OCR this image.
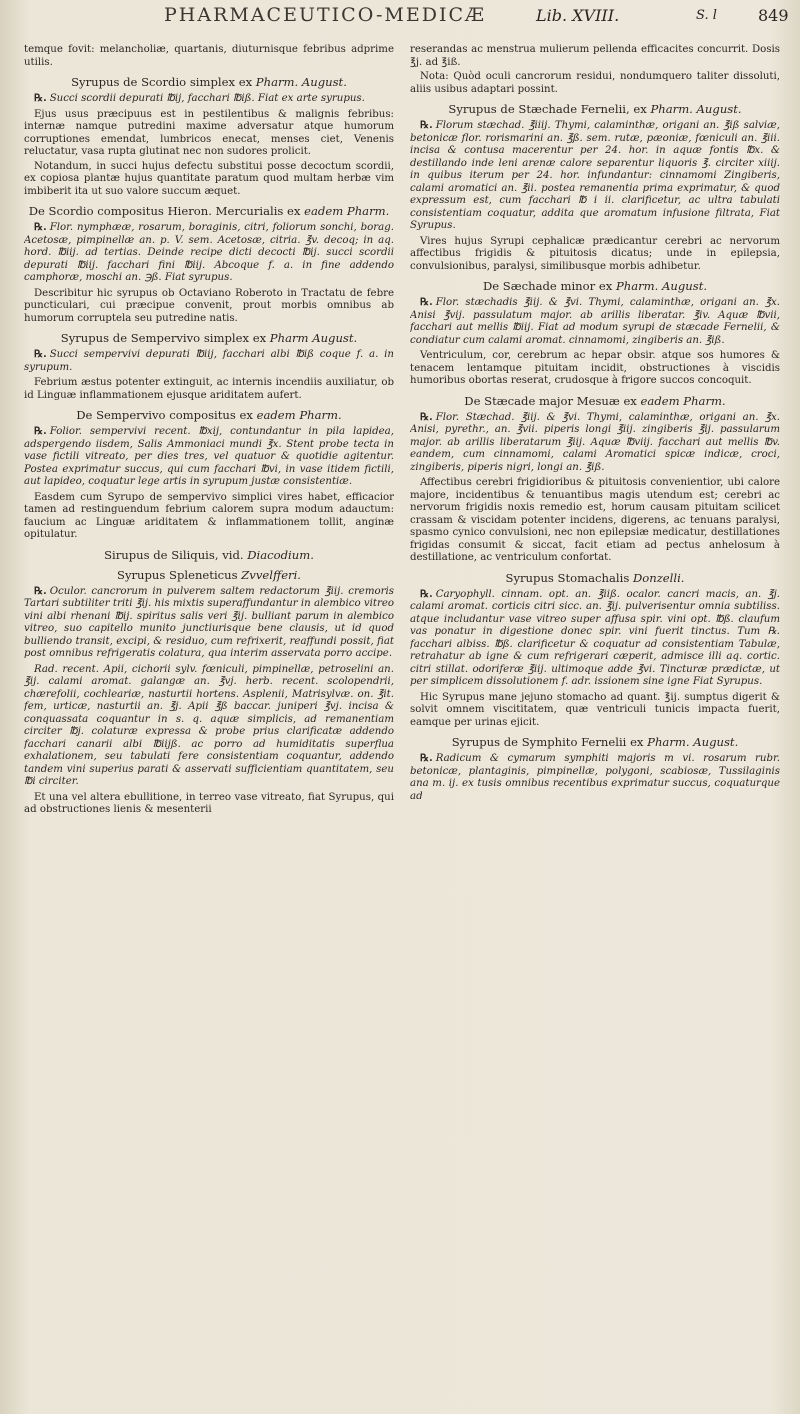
PHARMACEUTICO-MEDICÆ	Lib. XVIII.	S. l	849

temque fovit: melancholiæ, quartanis, diuturnisque febribus adprime utilis.

Syrupus de Scordio simplex ex Pharm. August.

℞. Succi scordii depurati ℔ij, facchari ℔iß. Fiat ex arte syrupus.

Ejus usus præcipuus est in pestilentibus & malignis febribus: internæ namque putredini maxime adversatur atque humorum corruptiones emendat, lumbricos enecat, menses ciet, Venenis reluctatur, vasa rupta glutinat nec non sudores prolicit.

Notandum, in succi hujus defectu substitui posse decoctum scordii, ex copiosa plantæ hujus quantitate paratum quod multam herbæ vim imbiberit ita ut suo valore succum æquet.

De Scordio compositus Hieron. Mercurialis ex eadem Pharm.

℞. Flor. nymphææ, rosarum, boraginis, citri, foliorum sonchi, borag. Acetosæ, pimpinellæ an. p. V. sem. Acetosæ, citria. ℥v. decoq; in aq. hord. ℔iij. ad tertias. Deinde recipe dicti decocti ℔ij. succi scordii depurati ℔iij. facchari fini ℔iij. Abcoque f. a. in fine addendo camphoræ, moschi an. ℈ß. Fiat syrupus.

Describitur hic syrupus ob Octaviano Roberoto in Tractatu de febre puncticulari, cui præcipue convenit, prout morbis omnibus ab humorum corruptela seu putredine natis.

Syrupus de Sempervivo simplex ex Pharm August.

℞. Succi sempervivi depurati ℔iij, facchari albi ℔iß coque f. a. in syrupum.

Febrium æstus potenter extinguit, ac internis incendiis auxiliatur, ob id Linguæ inflammationem ejusque ariditatem aufert.

De Sempervivo compositus ex eadem Pharm.

℞. Folior. sempervivi recent. ℔xij, contundantur in pila lapidea, adspergendo iisdem, Salis Ammoniaci mundi ℥x. Stent probe tecta in vase fictili vitreato, per dies tres, vel quatuor & quotidie agitentur. Postea exprimatur succus, qui cum facchari ℔vi, in vase itidem fictili, aut lapideo, coquatur lege artis in syrupum justæ consistentiæ.

Easdem cum Syrupo de sempervivo simplici vires habet, efficacior tamen ad restinguendum febrium calorem supra modum adauctum: faucium ac Linguæ ariditatem & inflammationem tollit, anginæ opitulatur.

Sirupus de Siliquis, vid. Diacodium.
Syrupus Spleneticus Zvvelfferi.

℞. Oculor. cancrorum in pulverem saltem redactorum ℥iij. cremoris Tartari subtiliter triti ℥ij. his mixtis superaffundantur in alembico vitreo vini albi rhenani ℔ij. spiritus salis veri ℥ij. bulliant parum in alembico vitreo, suo capitello munito junctiurisque bene clausis, ut id quod bulliendo transit, excipi, & residuo, cum refrixerit, reaffundi possit, fiat post omnibus refrigeratis colatura, qua interim asservata porro accipe.

Rad. recent. Apii, cichorii sylv. fœniculi, pimpinellæ, petroselini an. ℥ij. calami aromat. galangæ an. ℥vj. herb. recent. scolopendrii, chærefolii, cochleariæ, nasturtii hortens. Asplenii, Matrisylvæ. on. ℥it. fem, urticæ, nasturtii an. ℥j. Apii ℥ß baccar. juniperi ℥vj. incisa & conquassata coquantur in s. q. aquæ simplicis, ad remanentiam circiter ℔j. colaturæ expressa & probe prius clarificatæ addendo facchari canarii albi ℔iijß. ac porro ad humiditatis superflua exhalationem, seu tabulati fere consistentiam coquantur, addendo tandem vini superius parati & asservati sufficientiam quantitatem, seu ℔i circiter.

Et una vel altera ebullitione, in terreo vase vitreato, fiat Syrupus, qui ad obstructiones lienis & mesenterii

reserandas ac menstrua mulierum pellenda efficacites concurrit. Dosis ℥j. ad ℥iß.

Nota: Quòd oculi cancrorum residui, nondumquero taliter dissoluti, aliis usibus adaptari possint.

Syrupus de Stæchade Fernelii, ex Pharm. August.

℞. Florum stæchad. ℥iiij. Thymi, calaminthæ, origani an. ℥iß salviæ, betonicæ flor. rorismarini an. ℥ß. sem. rutæ, pæoniæ, fœniculi an. ℥iii. incisa & contusa macerentur per 24. hor. in aquæ fontis ℔x. & destillando inde leni arenæ calore separentur liquoris ℥. circiter xiiij. in quibus iterum per 24. hor. infundantur: cinnamomi Zingiberis, calami aromatici an. ℥ii. postea remanentia prima exprimatur, & quod expressum est, cum facchari ℔ i ii. clarificetur, ac ultra tabulati consistentiam coquatur, addita que aromatum infusione filtrata, Fiat Syrupus.

Vires hujus Syrupi cephalicæ prædicantur cerebri ac nervorum affectibus frigidis & pituitosis dicatus; unde in epilepsia, convulsionibus, paralysi, similibusque morbis adhibetur.

De Sæchade minor ex Pharm. August.

℞. Flor. stæchadis ℥iij. & ℥vi. Thymi, calaminthæ, origani an. ℥x. Anisi ℥vij. passulatum major. ab arillis liberatar. ℥iv. Aquæ ℔vii, facchari aut mellis ℔iij. Fiat ad modum syrupi de stæcade Fernelii, & condiatur cum calami aromat. cinnamomi, zingiberis an. ℥iß.

Ventriculum, cor, cerebrum ac hepar obsir. atque sos humores & tenacem lentamque pituitam incidit, obstructiones à viscidis humoribus obortas reserat, crudosque à frigore succos concoquit.

De Stæcade major Mesuæ ex eadem Pharm.

℞. Flor. Stæchad. ℥iij. & ℥vi. Thymi, calaminthæ, origani an. ℥x. Anisi, pyrethr., an. ℥vii. piperis longi ℥iij. zingiberis ℥ij. passularum major. ab arillis liberatarum ℥iij. Aquæ ℔viij. facchari aut mellis ℔v. eandem, cum cinnamomi, calami Aromatici spicæ indicæ, croci, zingiberis, piperis nigri, longi an. ℥iß.

Affectibus cerebri frigidioribus & pituitosis convenientior, ubi calore majore, incidentibus & tenuantibus magis utendum est; cerebri ac nervorum frigidis noxis remedio est, horum causam pituitam scilicet crassam & viscidam potenter incidens, digerens, ac tenuans paralysi, spasmo cynico convulsioni, nec non epilepsiæ medicatur, destillationes frigidas consumit & siccat, facit etiam ad pectus anhelosum à destillatione, ac ventriculum confortat.

Syrupus Stomachalis Donzelli.

℞. Caryophyll. cinnam. opt. an. ℥iiß. ocalor. cancri macis, an. ℥j. calami aromat. corticis citri sicc. an. ℥ij. pulverisentur omnia subtiliss. atque includantur vase vitreo super affusa spir. vini opt. ℔ß. claufum vas ponatur in digestione donec spir. vini fuerit tinctus. Tum ℞. facchari albiss. ℔ß. clarificetur & coquatur ad consistentiam Tabulæ, retrahatur ab igne & cum refrigerari cæperit, admisce illi aq. cortic. citri stillat. odoriferæ ℥iij. ultimoque adde ℥vi. Tincturæ prædictæ, ut per simplicem dissolutionem f. adr. issionem sine igne Fiat Syrupus.

Hic Syrupus mane jejuno stomacho ad quant. ℥ij. sumptus digerit & solvit omnem viscititatem, quæ ventriculi tunicis impacta fuerit, eamque per urinas ejicit.

Syrupus de Symphito Fernelii ex Pharm. August.

℞. Radicum & cymarum symphiti majoris m vi. rosarum rubr. betonicæ, plantaginis, pimpinellæ, polygoni, scabiosæ, Tussilaginis ana m. ij. ex tusis omnibus recentibus exprimatur succus, coquaturque ad
